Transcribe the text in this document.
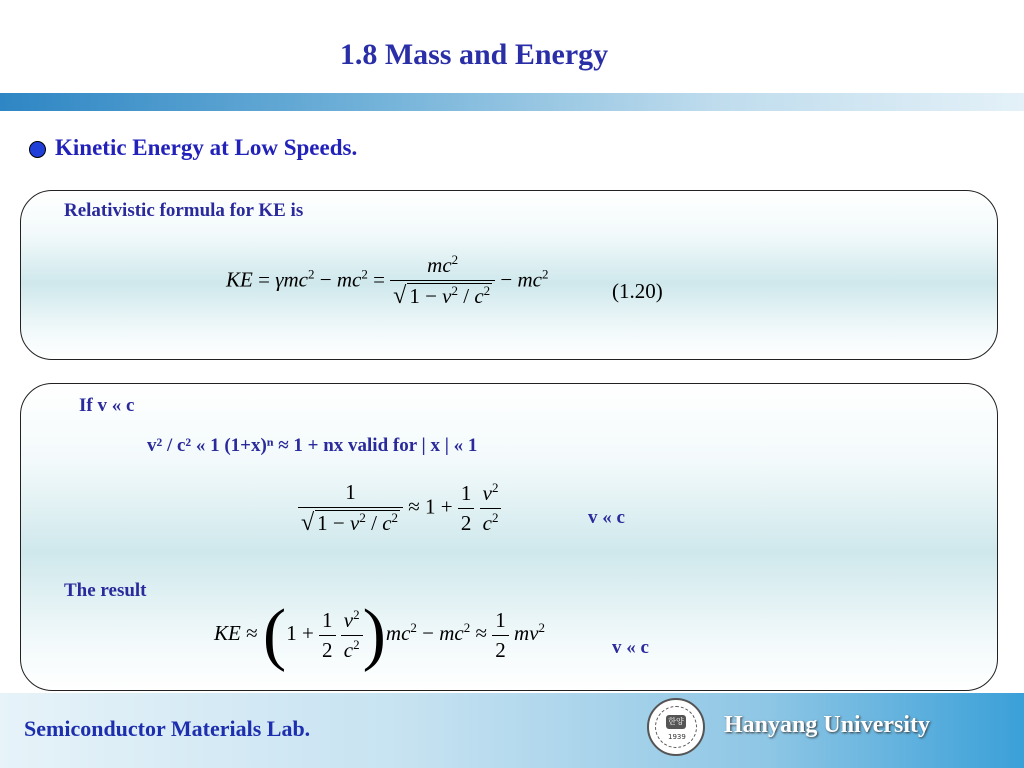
1.8 Mass and Energy
Kinetic Energy at Low Speeds.
Relativistic formula for KE is
KE = $\gamma mc^2 - mc^2 = \frac{mc^2}{√ 1 - v^2 / c^2} - mc^2$
(1.20)
If v « c
v² / c² « 1 (1+x)ⁿ ≈ 1 + nx valid for | x | « 1
$\frac{1}{√ 1 - v^2 / c^2} \approx 1 + \frac{1}{2}$
$\frac{v^2}{c^2}$	v « c
The result
KE ≈ ($1 + \frac{1}{2}$
$\frac{v^2}{c^2} )mc^2 - mc^2 \approx \frac{1}{2} mv^2$
v « c
Semiconductor Materials Lab.	한양
1939 Hanyang University
